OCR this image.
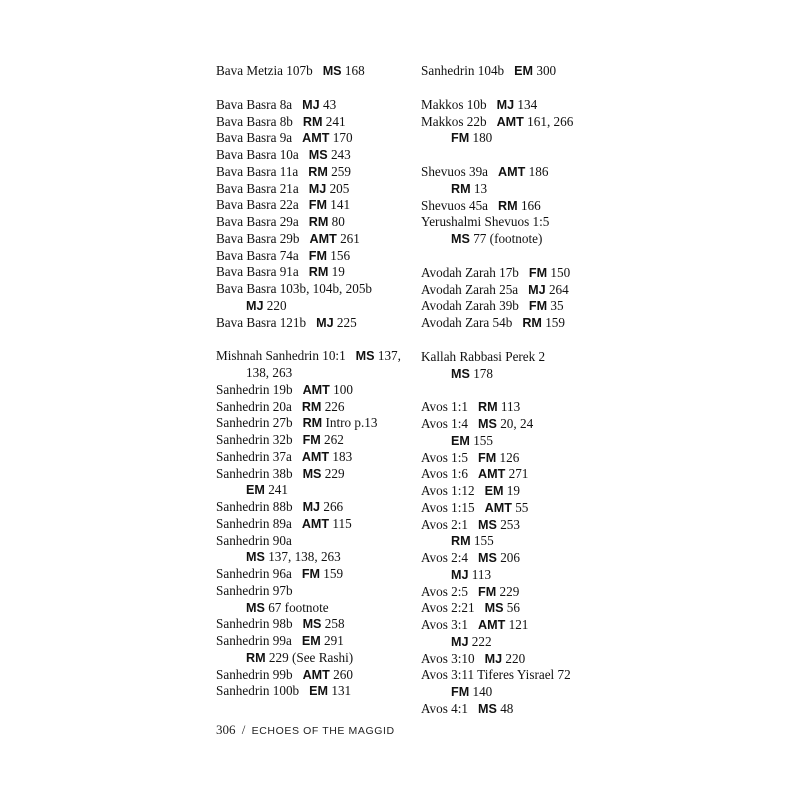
Bava Metzia 107b MS 168
Bava Basra 8a MJ 43
Bava Basra 8b RM 241
Bava Basra 9a AMT 170
Bava Basra 10a MS 243
Bava Basra 11a RM 259
Bava Basra 21a MJ 205
Bava Basra 22a FM 141
Bava Basra 29a RM 80
Bava Basra 29b AMT 261
Bava Basra 74a FM 156
Bava Basra 91a RM 19
Bava Basra 103b, 104b, 205b
MJ 220
Bava Basra 121b MJ 225
Mishnah Sanhedrin 10:1 MS 137,
138, 263
Sanhedrin 19b AMT 100
Sanhedrin 20a RM 226
Sanhedrin 27b RM Intro p.13
Sanhedrin 32b FM 262
Sanhedrin 37a AMT 183
Sanhedrin 38b MS 229
EM 241
Sanhedrin 88b MJ 266
Sanhedrin 89a AMT 115
Sanhedrin 90a
MS 137, 138, 263
Sanhedrin 96a FM 159
Sanhedrin 97b
MS 67 footnote
Sanhedrin 98b MS 258
Sanhedrin 99a EM 291
RM 229 (See Rashi)
Sanhedrin 99b AMT 260
Sanhedrin 100b EM 131
Sanhedrin 104b EM 300
Makkos 10b MJ 134
Makkos 22b AMT 161, 266
FM 180
Shevuos 39a AMT 186
RM 13
Shevuos 45a RM 166
Yerushalmi Shevuos 1:5
MS 77 (footnote)
Avodah Zarah 17b FM 150
Avodah Zarah 25a MJ 264
Avodah Zarah 39b FM 35
Avodah Zara 54b RM 159
Kallah Rabbasi Perek 2
MS 178
Avos 1:1 RM 113
Avos 1:4 MS 20, 24
EM 155
Avos 1:5 FM 126
Avos 1:6 AMT 271
Avos 1:12 EM 19
Avos 1:15 AMT 55
Avos 2:1 MS 253
RM 155
Avos 2:4 MS 206
MJ 113
Avos 2:5 FM 229
Avos 2:21 MS 56
Avos 3:1 AMT 121
MJ 222
Avos 3:10 MJ 220
Avos 3:11 Tiferes Yisrael 72
FM 140
Avos 4:1 MS 48
306 / ECHOES OF THE MAGGID
